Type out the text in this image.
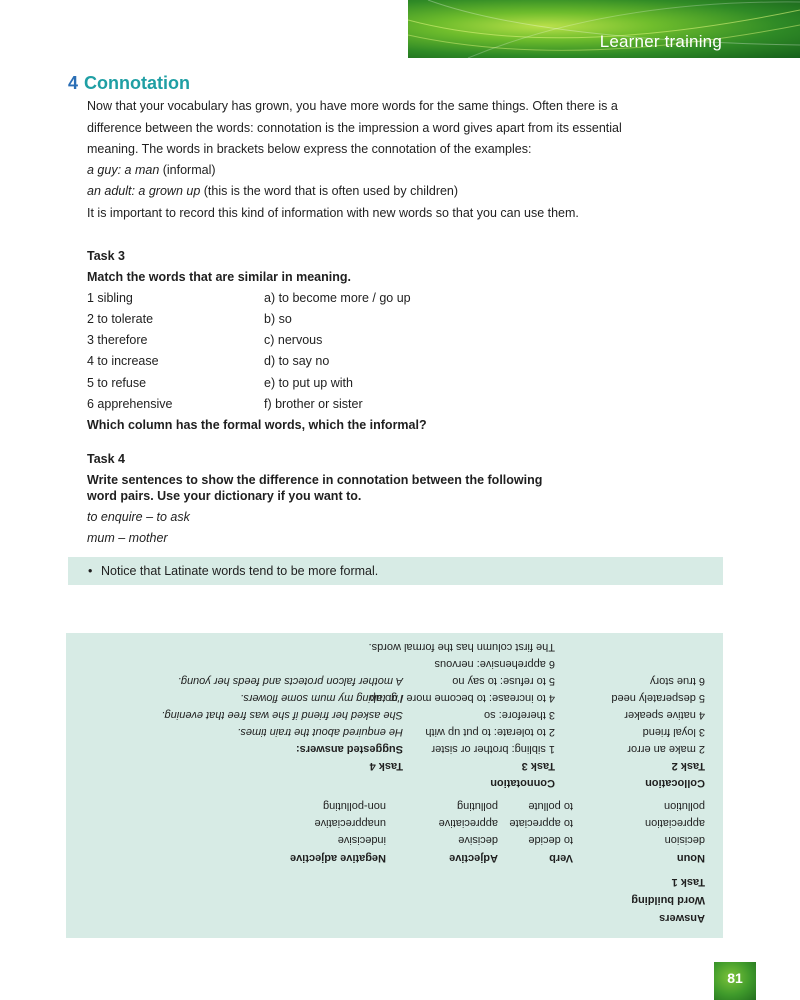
Learner training
4 Connotation
Now that your vocabulary has grown, you have more words for the same things. Often there is a
difference between the words: connotation is the impression a word gives apart from its essential
meaning. The words in brackets below express the connotation of the examples:
a guy: a man (informal)
an adult: a grown up (this is the word that is often used by children)
It is important to record this kind of information with new words so that you can use them.
Task 3
Match the words that are similar in meaning.
1 sibling
2 to tolerate
3 therefore
4 to increase
5 to refuse
6 apprehensive
a) to become more / go up
b) so
c) nervous
d) to say no
e) to put up with
f) brother or sister
Which column has the formal words, which the informal?
Task 4
Write sentences to show the difference in connotation between the following
word pairs. Use your dictionary if you want to.
to enquire – to ask
mum – mother
• Notice that Latinate words tend to be more formal.
Answers
Word building
Task 1
Noun
Verb
Adjective
Negative adjective
decision
to decide
decisive
indecisive
appreciation
to appreciate
appreciative
unappreciative
pollution
to pollute
polluting
non-polluting
Collocation
Connotation
Task 2
Task 3
Task 4
Suggested answers:	2 make an error
3 loyal friend
4 native speaker
5 desperately need
6 true story
1 sibling: brother or sister
2 to tolerate: to put up with
3 therefore: so
4 to increase: to become more / go up
5 to refuse: to say no
6 apprehensive: nervous
The first column has the formal words.
He enquired about the train times.
She asked her friend if she was free that evening.
I'm taking my mum some flowers.
A mother falcon protects and feeds her young.
81
